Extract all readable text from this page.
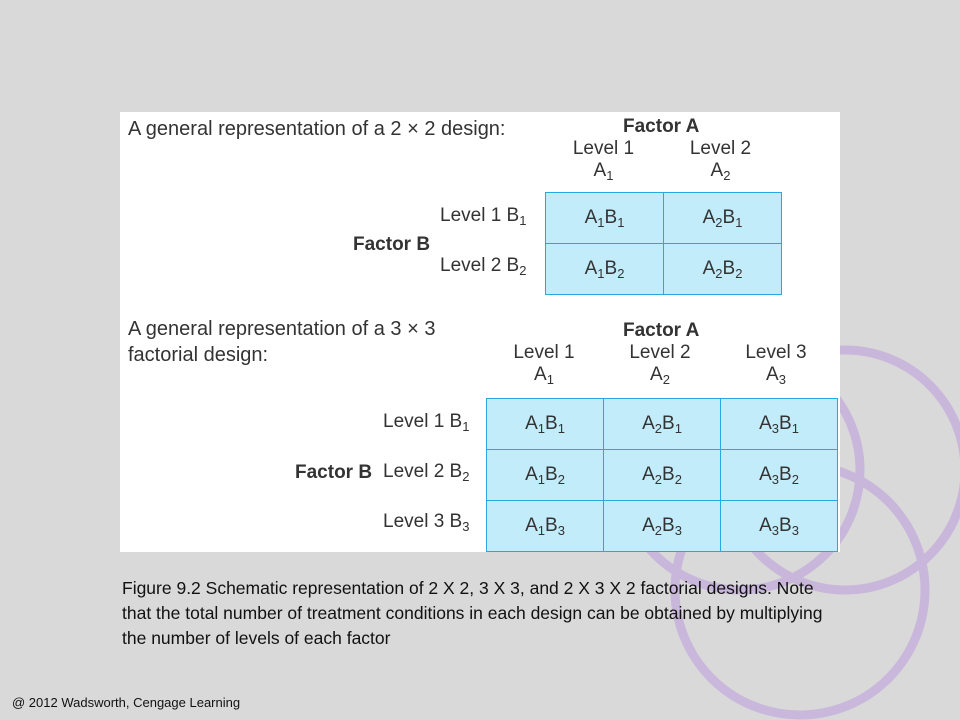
A general representation of a 2 × 2 design:	Factor A
Level 1
$A_1$
Level 2
$A_2$
Factor B
Level 1 $B_1$
Level 2 $B_2$
$A_1B_1$	$A_2B_1$
$A_1B_2$	$A_2B_2$
A general representation of a 3 × 3
factorial design:
Factor A
Level 1
$A_1$
Level 2
$A_2$
Level 3
$A_3$
Factor B
Level 1 $B_1$
Level 2 $B_2$
Level 3 $B_3$
$A_1B_1$	$A_2B_1$	$A_3B_1$
$A_1B_2$	$A_2B_2$	$A_3B_2$
$A_1B_3$	$A_2B_3$	$A_3B_3$
Figure 9.2 Schematic representation of 2 X 2, 3 X 3, and 2 X 3 X 2 factorial designs. Note that the total number of treatment conditions in each design can be obtained by multiplying the number of levels of each factor
@ 2012 Wadsworth, Cengage Learning
